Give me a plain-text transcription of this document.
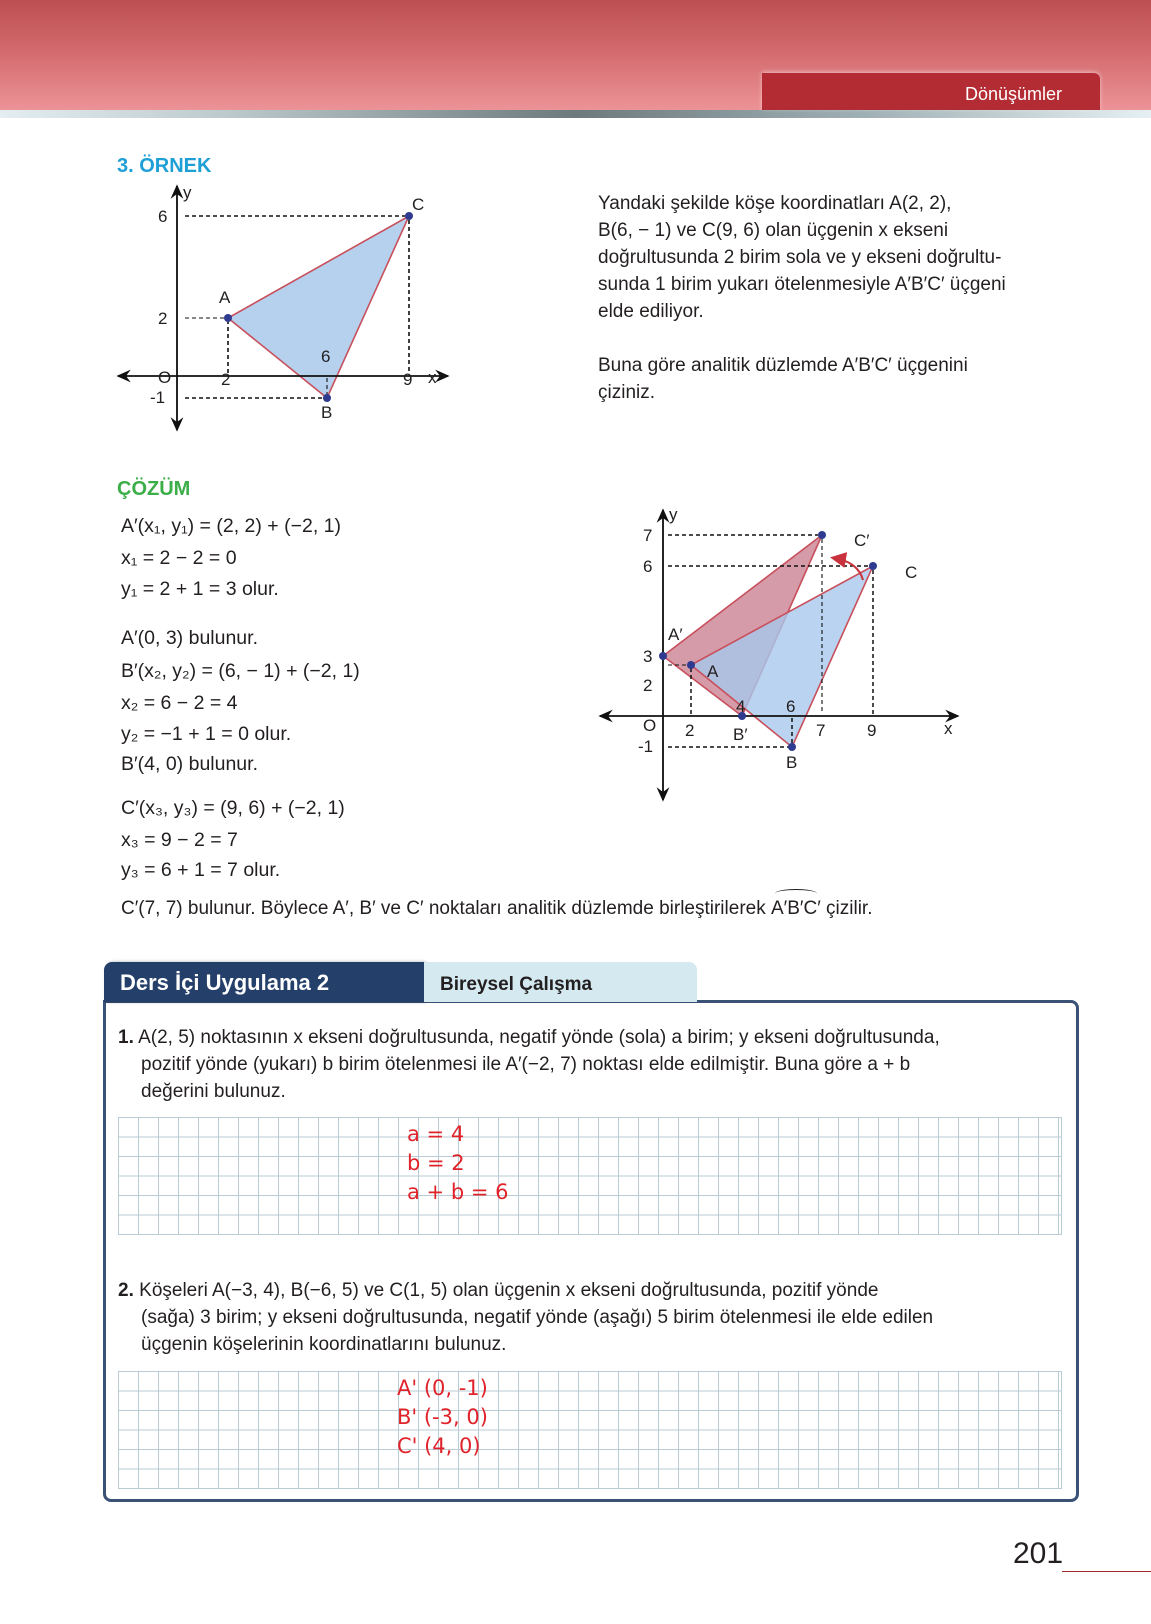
Dönüşümler
3. ÖRNEK
y
6
2
O
-1
2
6
9 x
A
B
C	Yandaki şekilde köşe koordinatları A(2, 2),
B(6, − 1) ve C(9, 6) olan üçgenin x ekseni
doğrultusunda 2 birim sola ve y ekseni doğrultu-
sunda 1 birim yukarı ötelenmesiyle A′B′C′ üçgeni
elde ediliyor.
Buna göre analitik düzlemde A′B′C′ üçgenini
çiziniz.
ÇÖZÜM
A′(x₁, y₁) = (2, 2) + (−2, 1)
x₁ = 2 − 2 = 0
y₁ = 2 + 1 = 3 olur.
A′(0, 3) bulunur.
B′(x₂, y₂) = (6, − 1) + (−2, 1)
x₂ = 6 − 2 = 4
y₂ = −1 + 1 = 0 olur.
B′(4, 0) bulunur.
C′(x₃, y₃) = (9, 6) + (−2, 1)
x₃ = 9 − 2 = 7
y₃ = 6 + 1 = 7 olur.
C′(7, 7) bulunur. Böylece A′, B′ ve C′ noktaları analitik düzlemde birleştirilerek
A′B′C′ çizilir.
y
7
6
3
2
O
-1
2
4 6
7 9	x
A′
A
B′
B
C′
C
Ders İçi Uygulama 2	Bireysel Çalışma
1. A(2, 5) noktasının x ekseni doğrultusunda, negatif yönde (sola) a birim; y ekseni doğrultusunda,
pozitif yönde (yukarı) b birim ötelenmesi ile A′(−2, 7) noktası elde edilmiştir. Buna göre a + b
değerini bulunuz.
a = 4
b = 2
a + b = 6
2. Köşeleri A(−3, 4), B(−6, 5) ve C(1, 5) olan üçgenin x ekseni doğrultusunda, pozitif yönde
(sağa) 3 birim; y ekseni doğrultusunda, negatif yönde (aşağı) 5 birim ötelenmesi ile elde edilen
üçgenin köşelerinin koordinatlarını bulunuz.
A' (0, -1)
B' (-3, 0)
C' (4, 0)
201
